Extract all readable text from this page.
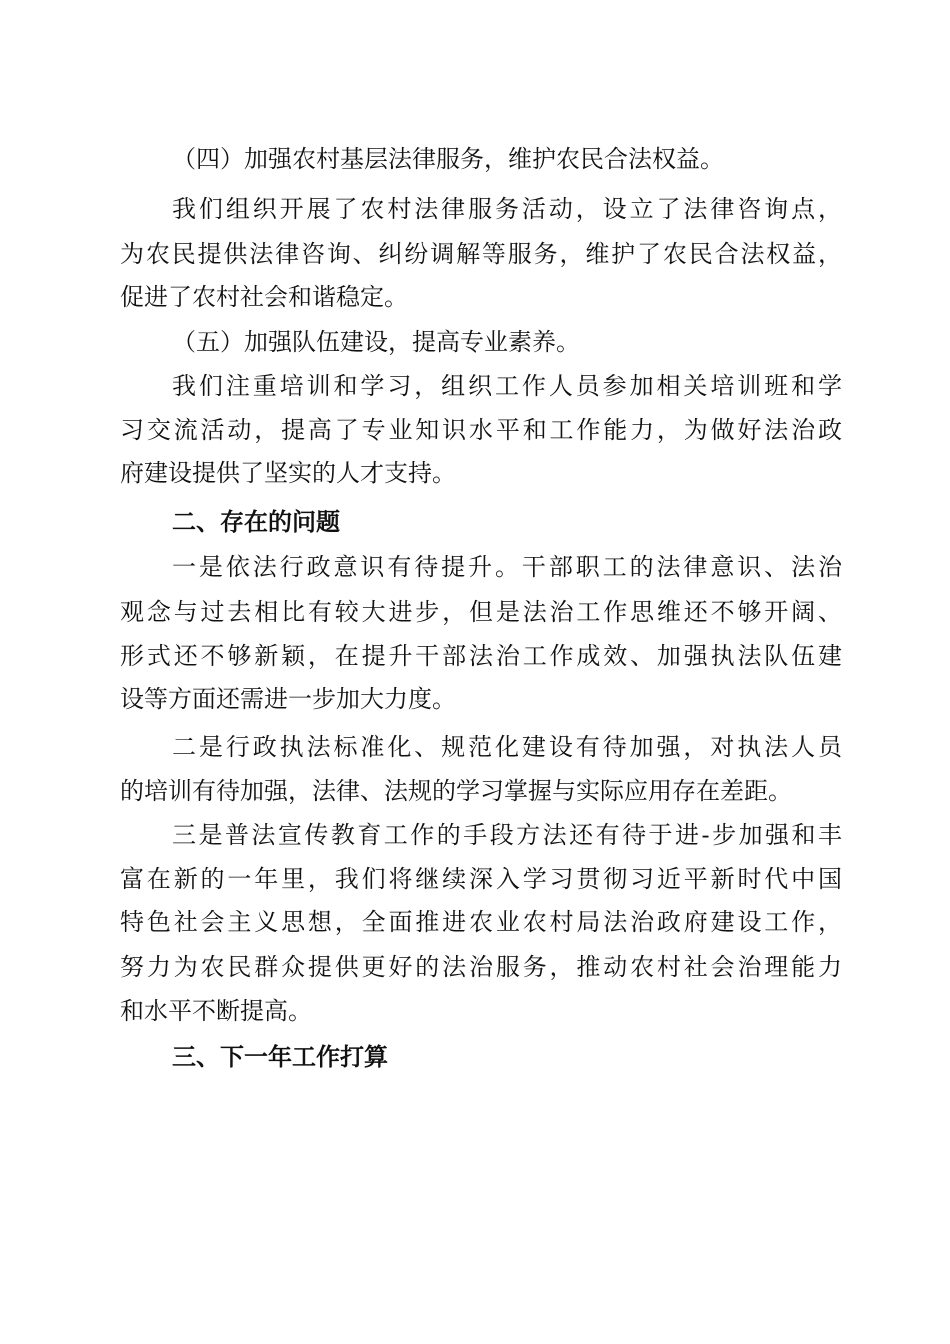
（四）加强农村基层法律服务，维护农民合法权益。
我们组织开展了农村法律服务活动，设立了法律咨询点，
为农民提供法律咨询、纠纷调解等服务，维护了农民合法权益，
促进了农村社会和谐稳定。
（五）加强队伍建设，提高专业素养。
我们注重培训和学习，组织工作人员参加相关培训班和学
习交流活动，提高了专业知识水平和工作能力，为做好法治政
府建设提供了坚实的人才支持。
二、存在的问题
一是依法行政意识有待提升。干部职工的法律意识、法治
观念与过去相比有较大进步，但是法治工作思维还不够开阔、
形式还不够新颖，在提升干部法治工作成效、加强执法队伍建
设等方面还需进一步加大力度。
二是行政执法标准化、规范化建设有待加强，对执法人员
的培训有待加强，法律、法规的学习掌握与实际应用存在差距。
三是普法宣传教育工作的手段方法还有待于进-步加强和丰
富在新的一年里，我们将继续深入学习贯彻习近平新时代中国
特色社会主义思想，全面推进农业农村局法治政府建设工作，
努力为农民群众提供更好的法治服务，推动农村社会治理能力
和水平不断提高。
三、下一年工作打算
